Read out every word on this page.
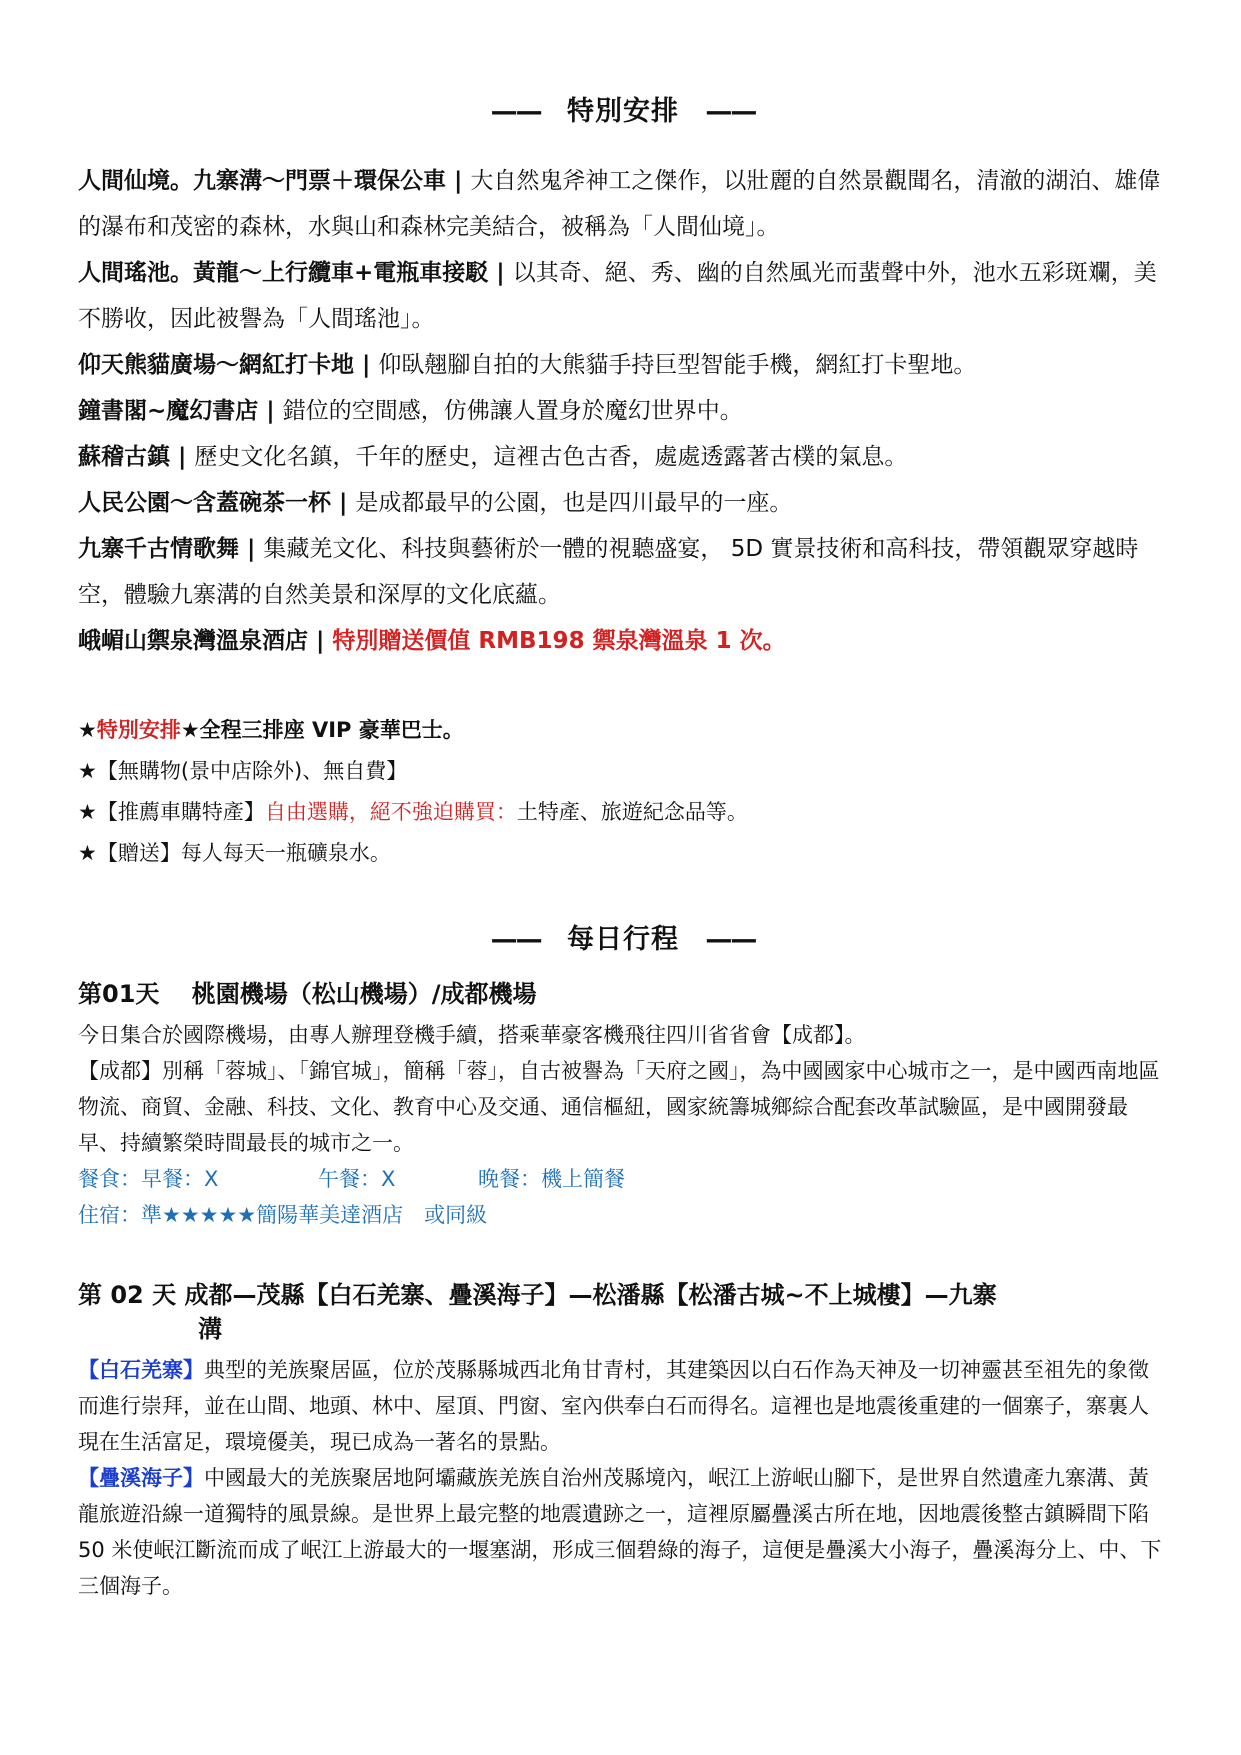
—— 特別安排 ——
人間仙境。九寨溝～門票＋環保公車 | 大自然鬼斧神工之傑作，以壯麗的自然景觀聞名，清澈的湖泊、雄偉的瀑布和茂密的森林，水與山和森林完美結合，被稱為「人間仙境」。
人間瑤池。黃龍～上行纜車+電瓶車接駁 | 以其奇、絕、秀、幽的自然風光而蜚聲中外，池水五彩斑斕，美不勝收，因此被譽為「人間瑤池」。
仰天熊貓廣場～網紅打卡地 | 仰臥翹腳自拍的大熊貓手持巨型智能手機，網紅打卡聖地。
鐘書閣~魔幻書店 | 錯位的空間感，仿佛讓人置身於魔幻世界中。
蘇稽古鎮 | 歷史文化名鎮，千年的歷史，這裡古色古香，處處透露著古樸的氣息。
人民公園～含蓋碗茶一杯 | 是成都最早的公園，也是四川最早的一座。
九寨千古情歌舞 | 集藏羌文化、科技與藝術於一體的視聽盛宴， 5D 實景技術和高科技，帶領觀眾穿越時空，體驗九寨溝的自然美景和深厚的文化底蘊。
峨嵋山禦泉灣溫泉酒店 | 特別贈送價值 RMB198 禦泉灣溫泉 1 次。
★特別安排★全程三排座 VIP 豪華巴士。
★【無購物(景中店除外)、無自費】
★【推薦車購特產】自由選購，絕不強迫購買：土特產、旅遊紀念品等。
★【贈送】每人每天一瓶礦泉水。
—— 每日行程 ——
第01天　 桃園機場（松山機場）/成都機場
今日集合於國際機場，由專人辦理登機手續，搭乘華豪客機飛往四川省省會【成都】。
【成都】別稱「蓉城」、「錦官城」，簡稱「蓉」，自古被譽為「天府之國」，為中國國家中心城市之一，是中國西南地區物流、商貿、金融、科技、文化、教育中心及交通、通信樞紐，國家統籌城鄉綜合配套改革試驗區，是中國開發最早、持續繁榮時間最長的城市之一。
餐食：早餐：X	午餐：X	晚餐：機上簡餐
住宿：準★★★★★簡陽華美達酒店　或同級
第 02 天 成都—茂縣【白石羌寨、疊溪海子】—松潘縣【松潘古城~不上城樓】—九寨
溝
【白石羌寨】典型的羌族聚居區，位於茂縣縣城西北角甘青村，其建築因以白石作為天神及一切神靈甚至祖先的象徵而進行崇拜，並在山間、地頭、林中、屋頂、門窗、室內供奉白石而得名。這裡也是地震後重建的一個寨子，寨裏人現在生活富足，環境優美，現已成為一著名的景點。
【疊溪海子】中國最大的羌族聚居地阿壩藏族羌族自治州茂縣境內，岷江上游岷山腳下，是世界自然遺產九寨溝、黃龍旅遊沿線一道獨特的風景線。是世界上最完整的地震遺跡之一，這裡原屬疊溪古所在地，因地震後整古鎮瞬間下陷 50 米使岷江斷流而成了岷江上游最大的一堰塞湖，形成三個碧綠的海子，這便是疊溪大小海子，疊溪海分上、中、下三個海子。
